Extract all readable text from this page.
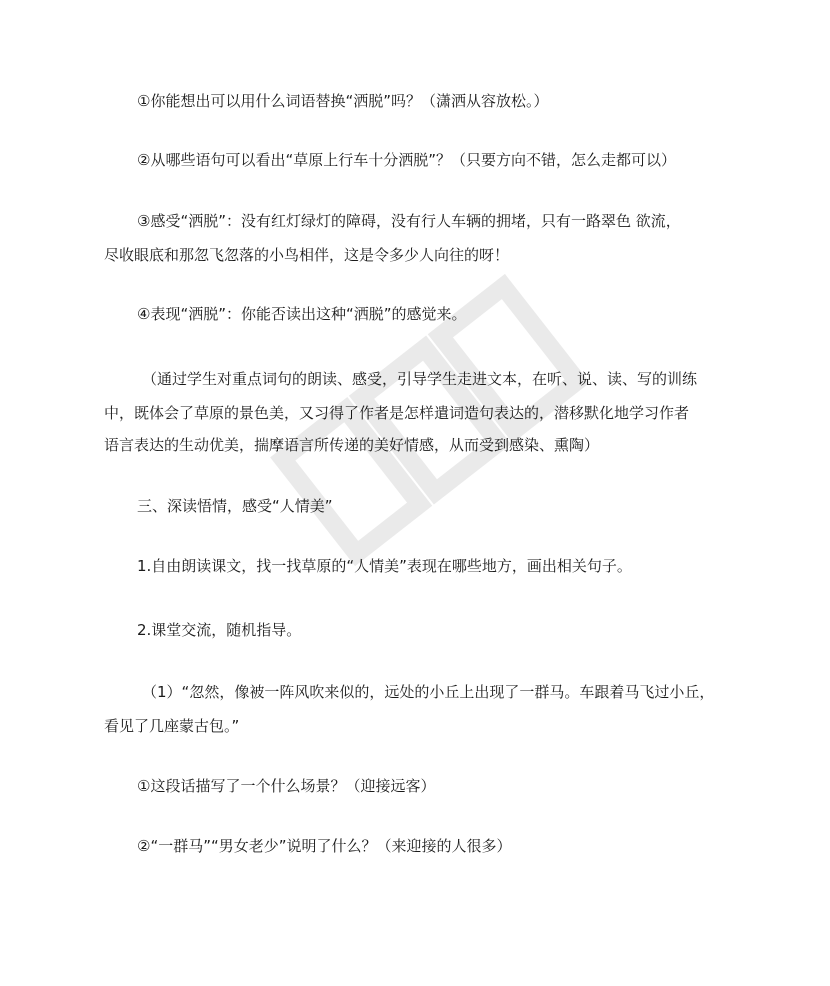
①你能想出可以用什么词语替换“洒脱”吗？（潇洒从容放松。）
②从哪些语句可以看出“草原上行车十分洒脱”？（只要方向不错，怎么走都可以）
③感受“洒脱”：没有红灯绿灯的障碍，没有行人车辆的拥堵，只有一路翠色 欲流，
尽收眼底和那忽飞忽落的小鸟相伴，这是令多少人向往的呀！
④表现“洒脱”：你能否读出这种“洒脱”的感觉来。
（通过学生对重点词句的朗读、感受，引导学生走进文本，在听、说、读、写的训练
中，既体会了草原的景色美，又习得了作者是怎样遣词造句表达的，潜移默化地学习作者
语言表达的生动优美，揣摩语言所传递的美好情感，从而受到感染、熏陶）
三、深读悟情，感受“人情美”
1.自由朗读课文，找一找草原的“人情美”表现在哪些地方，画出相关句子。
2.课堂交流，随机指导。
（1）“忽然，像被一阵风吹来似的，远处的小丘上出现了一群马。车跟着马飞过小丘，
看见了几座蒙古包。”
①这段话描写了一个什么场景？（迎接远客）
②“一群马”“男女老少”说明了什么？（来迎接的人很多）
